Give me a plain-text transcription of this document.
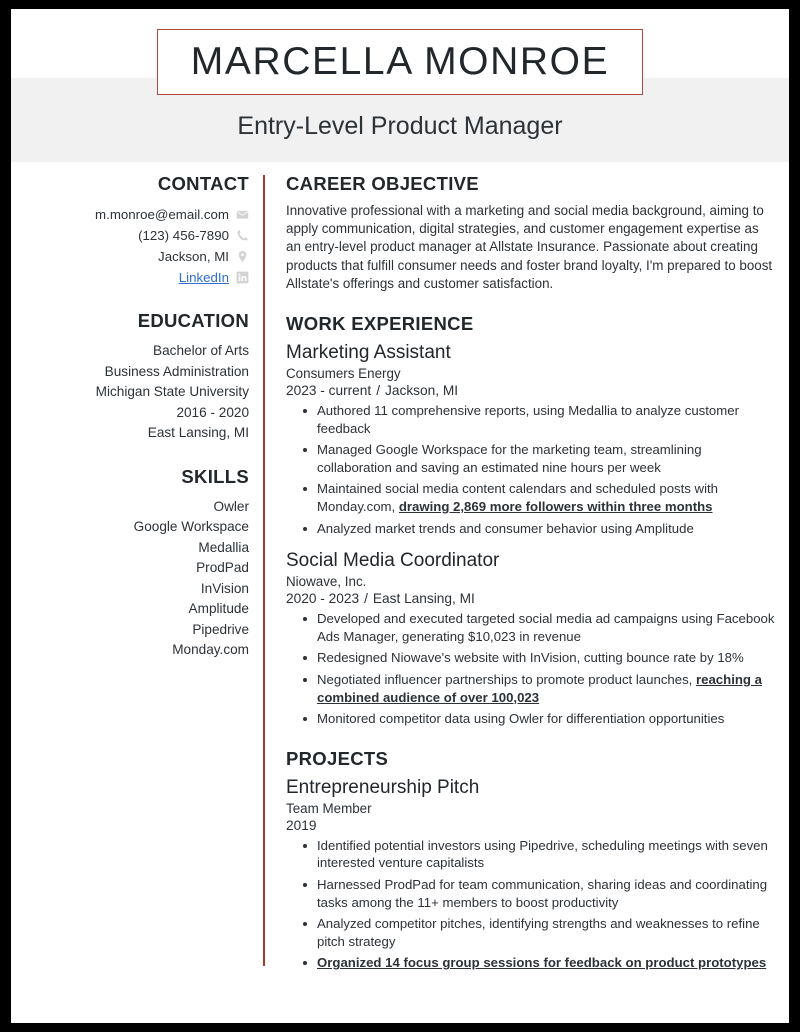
MARCELLA MONROE
Entry-Level Product Manager
CONTACT
m.monroe@email.com
(123) 456-7890
Jackson, MI
LinkedIn
EDUCATION
Bachelor of Arts
Business Administration
Michigan State University
2016 - 2020
East Lansing, MI
SKILLS
Owler
Google Workspace
Medallia
ProdPad
InVision
Amplitude
Pipedrive
Monday.com
CAREER OBJECTIVE

Innovative professional with a marketing and social media background, aiming to apply communication, digital strategies, and customer engagement expertise as an entry-level product manager at Allstate Insurance. Passionate about creating products that fulfill consumer needs and foster brand loyalty, I'm prepared to boost Allstate's offerings and customer satisfaction.

WORK EXPERIENCE
Marketing Assistant
Consumers Energy
2023 - current / Jackson, MI
Authored 11 comprehensive reports, using Medallia to analyze customer feedback
Managed Google Workspace for the marketing team, streamlining collaboration and saving an estimated nine hours per week
Maintained social media content calendars and scheduled posts with Monday.com, drawing 2,869 more followers within three months
Analyzed market trends and consumer behavior using Amplitude
Social Media Coordinator
Niowave, Inc.
2020 - 2023 / East Lansing, MI
Developed and executed targeted social media ad campaigns using Facebook Ads Manager, generating $10,023 in revenue
Redesigned Niowave's website with InVision, cutting bounce rate by 18%
Negotiated influencer partnerships to promote product launches, reaching a combined audience of over 100,023
Monitored competitor data using Owler for differentiation opportunities
PROJECTS
Entrepreneurship Pitch
Team Member
2019
Identified potential investors using Pipedrive, scheduling meetings with seven interested venture capitalists
Harnessed ProdPad for team communication, sharing ideas and coordinating tasks among the 11+ members to boost productivity
Analyzed competitor pitches, identifying strengths and weaknesses to refine pitch strategy
Organized 14 focus group sessions for feedback on product prototypes
